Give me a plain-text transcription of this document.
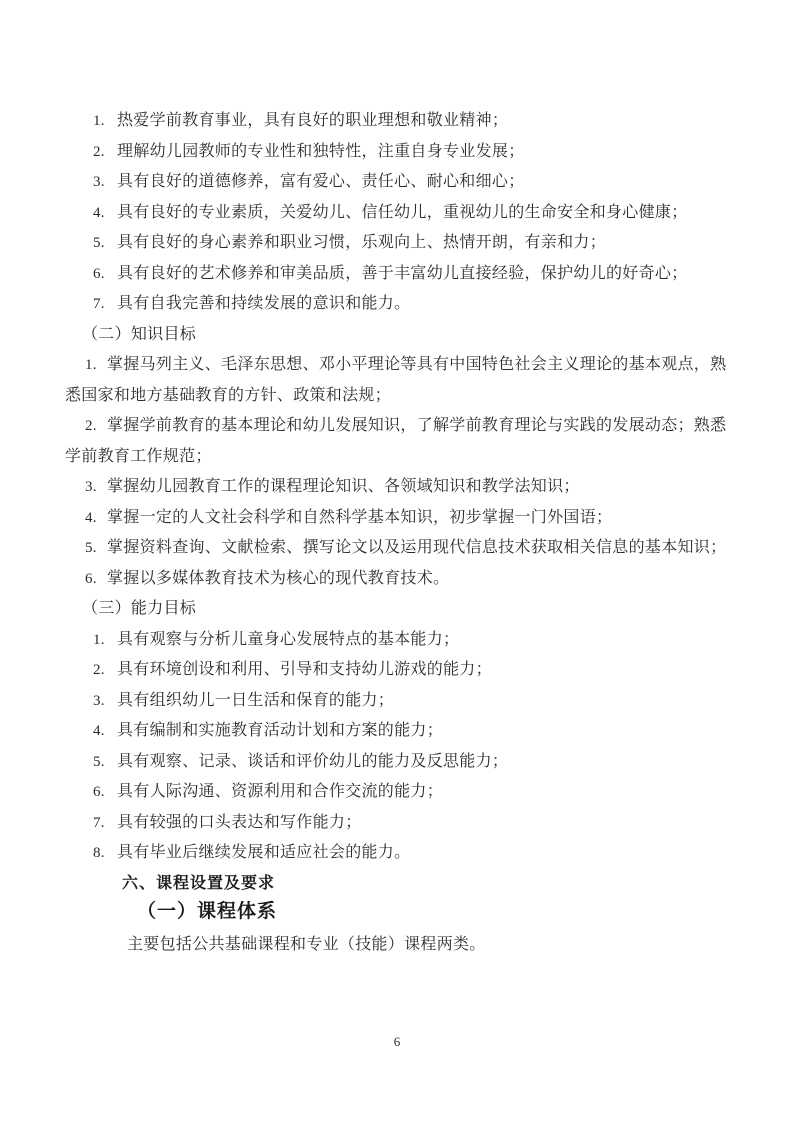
1. 热爱学前教育事业，具有良好的职业理想和敬业精神；
2. 理解幼儿园教师的专业性和独特性，注重自身专业发展；
3. 具有良好的道德修养，富有爱心、责任心、耐心和细心；
4. 具有良好的专业素质，关爱幼儿、信任幼儿，重视幼儿的生命安全和身心健康；
5. 具有良好的身心素养和职业习惯，乐观向上、热情开朗，有亲和力；
6. 具有良好的艺术修养和审美品质，善于丰富幼儿直接经验，保护幼儿的好奇心；
7. 具有自我完善和持续发展的意识和能力。
（二）知识目标
1. 掌握马列主义、毛泽东思想、邓小平理论等具有中国特色社会主义理论的基本观点，熟
悉国家和地方基础教育的方针、政策和法规；
2. 掌握学前教育的基本理论和幼儿发展知识，了解学前教育理论与实践的发展动态；熟悉
学前教育工作规范；
3. 掌握幼儿园教育工作的课程理论知识、各领域知识和教学法知识；
4. 掌握一定的人文社会科学和自然科学基本知识，初步掌握一门外国语；
5. 掌握资料查询、文献检索、撰写论文以及运用现代信息技术获取相关信息的基本知识；
6. 掌握以多媒体教育技术为核心的现代教育技术。
（三）能力目标
1. 具有观察与分析儿童身心发展特点的基本能力；
2. 具有环境创设和利用、引导和支持幼儿游戏的能力；
3. 具有组织幼儿一日生活和保育的能力；
4. 具有编制和实施教育活动计划和方案的能力；
5. 具有观察、记录、谈话和评价幼儿的能力及反思能力；
6. 具有人际沟通、资源利用和合作交流的能力；
7. 具有较强的口头表达和写作能力；
8. 具有毕业后继续发展和适应社会的能力。
六、课程设置及要求
（一）课程体系
主要包括公共基础课程和专业（技能）课程两类。
6
